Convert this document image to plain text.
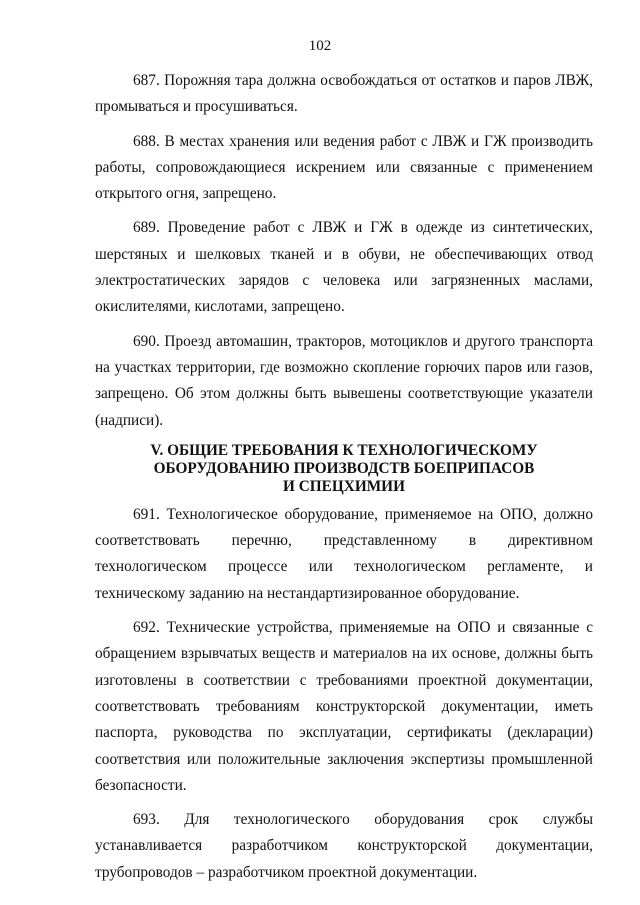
102

687. Порожняя тара должна освобождаться от остатков и паров ЛВЖ, промываться и просушиваться.

688. В местах хранения или ведения работ с ЛВЖ и ГЖ производить работы, сопровождающиеся искрением или связанные с применением открытого огня, запрещено.

689. Проведение работ с ЛВЖ и ГЖ в одежде из синтетических, шерстяных и шелковых тканей и в обуви, не обеспечивающих отвод электростатических зарядов с человека или загрязненных маслами, окислителями, кислотами, запрещено.

690. Проезд автомашин, тракторов, мотоциклов и другого транспорта на участках территории, где возможно скопление горючих паров или газов, запрещено. Об этом должны быть вывешены соответствующие указатели (надписи).

V. ОБЩИЕ ТРЕБОВАНИЯ К ТЕХНОЛОГИЧЕСКОМУ
ОБОРУДОВАНИЮ ПРОИЗВОДСТВ БОЕПРИПАСОВ
И СПЕЦХИМИИ

691. Технологическое оборудование, применяемое на ОПО, должно соответствовать перечню, представленному в директивном технологическом процессе или технологическом регламенте, и техническому заданию на нестандартизированное оборудование.

692. Технические устройства, применяемые на ОПО и связанные с обращением взрывчатых веществ и материалов на их основе, должны быть изготовлены в соответствии с требованиями проектной документации, соответствовать требованиям конструкторской документации, иметь паспорта, руководства по эксплуатации, сертификаты (декларации) соответствия или положительные заключения экспертизы промышленной безопасности.

693. Для технологического оборудования срок службы устанавливается разработчиком конструкторской документации, трубопроводов – разработчиком проектной документации.
